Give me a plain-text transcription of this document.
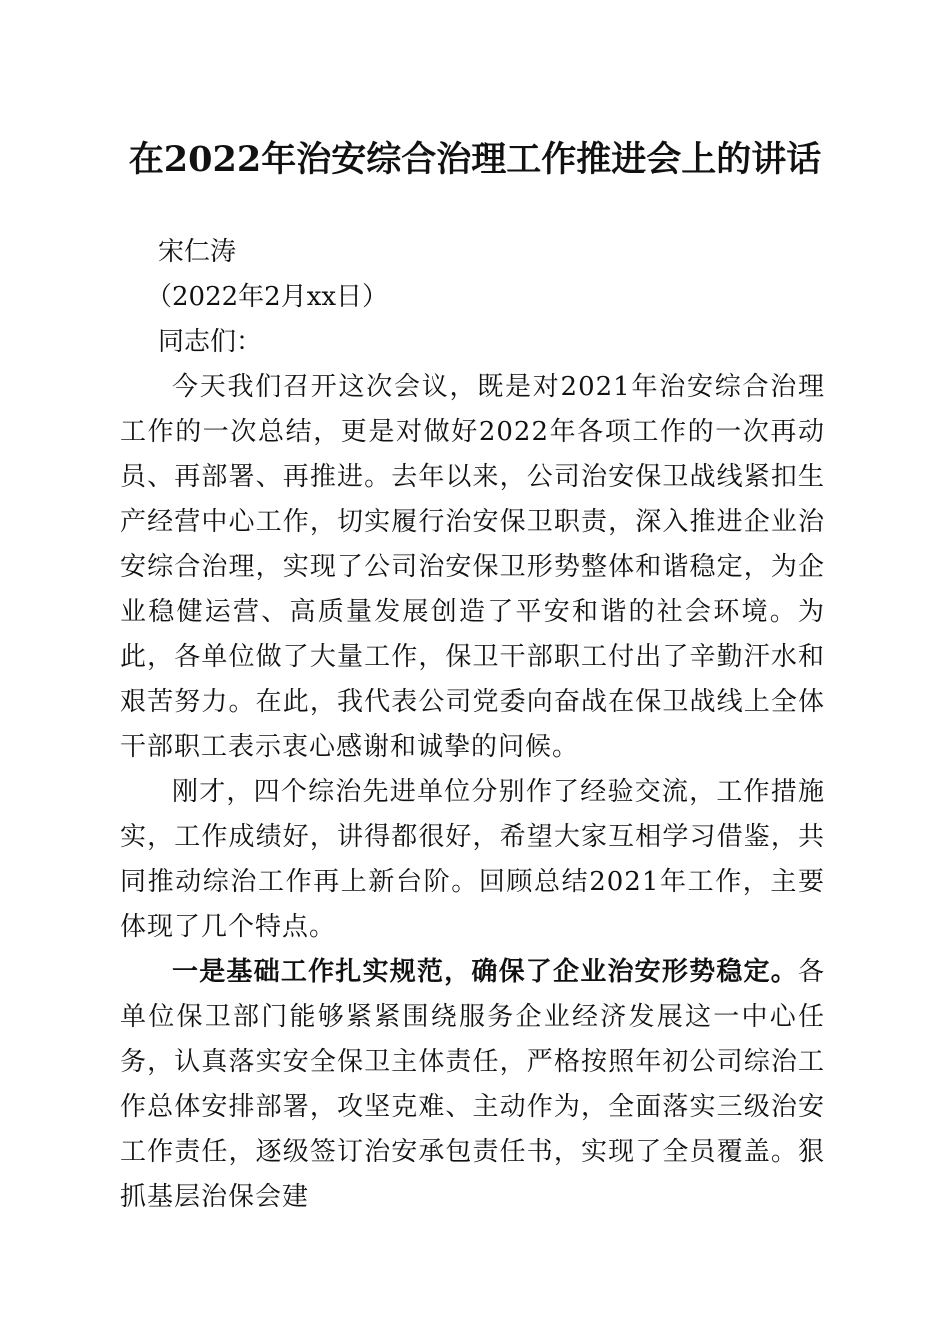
在2022年治安综合治理工作推进会上的讲话

宋仁涛

（2022年2月xx日）

同志们：

今天我们召开这次会议，既是对2021年治安综合治理工作的一次总结，更是对做好2022年各项工作的一次再动员、再部署、再推进。去年以来，公司治安保卫战线紧扣生产经营中心工作，切实履行治安保卫职责，深入推进企业治安综合治理，实现了公司治安保卫形势整体和谐稳定，为企业稳健运营、高质量发展创造了平安和谐的社会环境。为此，各单位做了大量工作，保卫干部职工付出了辛勤汗水和艰苦努力。在此，我代表公司党委向奋战在保卫战线上全体干部职工表示衷心感谢和诚挚的问候。

刚才，四个综治先进单位分别作了经验交流，工作措施实，工作成绩好，讲得都很好，希望大家互相学习借鉴，共同推动综治工作再上新台阶。回顾总结2021年工作，主要体现了几个特点。

一是基础工作扎实规范，确保了企业治安形势稳定。各单位保卫部门能够紧紧围绕服务企业经济发展这一中心任务，认真落实安全保卫主体责任，严格按照年初公司综治工作总体安排部署，攻坚克难、主动作为，全面落实三级治安工作责任，逐级签订治安承包责任书，实现了全员覆盖。狠抓基层治保会建
